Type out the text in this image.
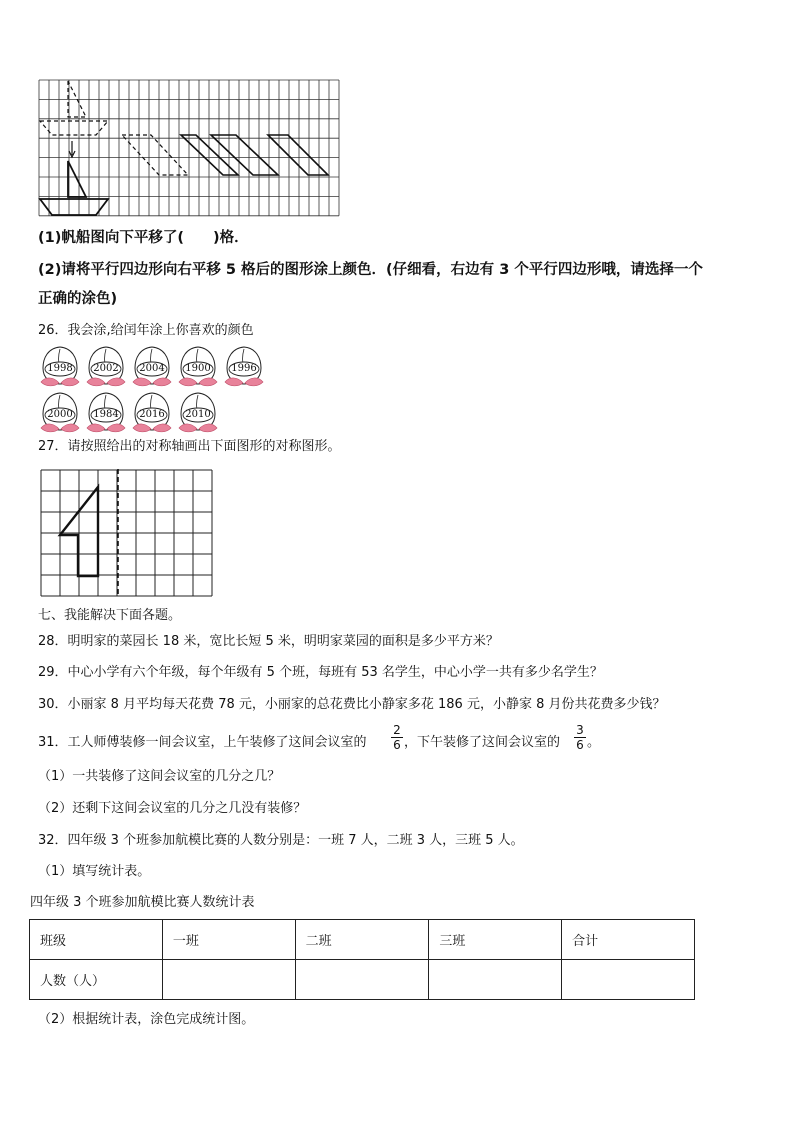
(1)帆船图向下平移了(　　)格．
(2)请将平行四边形向右平移 5 格后的图形涂上颜色．(仔细看，右边有 3 个平行四边形哦，请选择一个
正确的涂色)
26．我会涂,给闰年涂上你喜欢的颜色
1998	2002	2004	1900	1996
2000	1984	2016	2010
27．请按照给出的对称轴画出下面图形的对称图形。
七、我能解决下面各题。
28．明明家的菜园长 18 米，宽比长短 5 米，明明家菜园的面积是多少平方米？
29．中心小学有六个年级，每个年级有 5 个班，每班有 53 名学生，中心小学一共有多少名学生？
30．小丽家 8 月平均每天花费 78 元，小丽家的总花费比小静家多花 186 元，小静家 8 月份共花费多少钱？
31．工人师傅装修一间会议室，上午装修了这间会议室的 $\frac{2}{6}$ ，下午装修了这间会议室的 $\frac{3}{6}$ 。
（1）一共装修了这间会议室的几分之几？
（2）还剩下这间会议室的几分之几没有装修？
32．四年级 3 个班参加航模比赛的人数分别是：一班 7 人，二班 3 人，三班 5 人。
（1）填写统计表。
四年级 3 个班参加航模比赛人数统计表
班级	一班	二班	三班	合计
人数（人）				
（2）根据统计表，涂色完成统计图。
